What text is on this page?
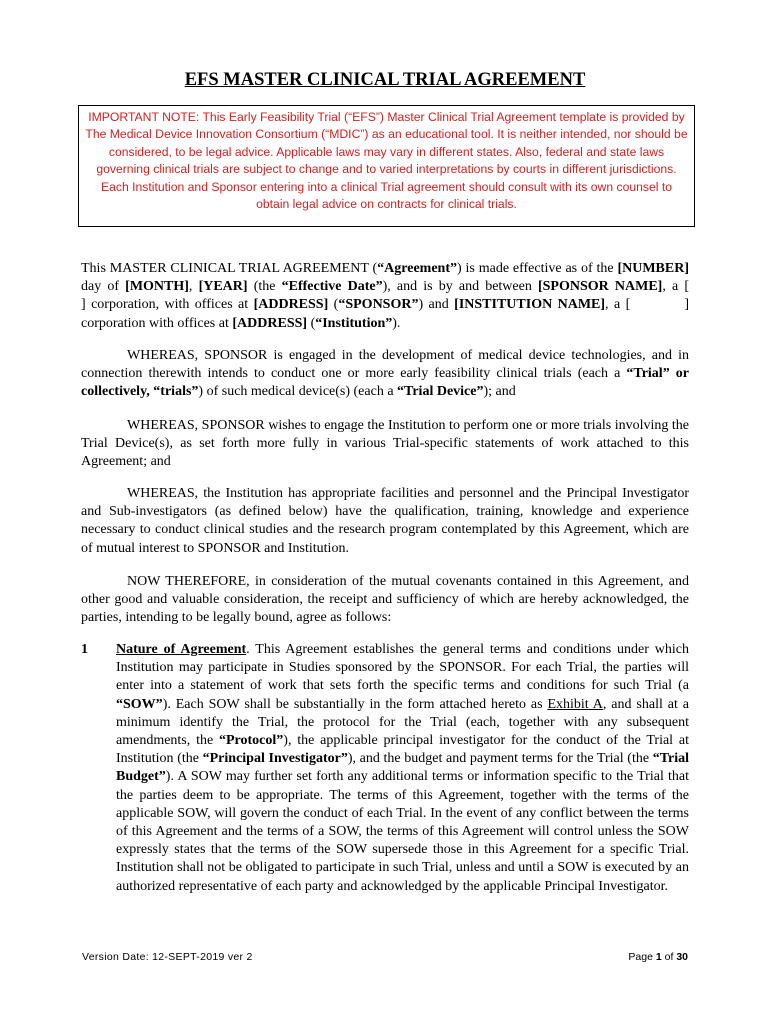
EFS MASTER CLINICAL TRIAL AGREEMENT
IMPORTANT NOTE: This Early Feasibility Trial (“EFS”) Master Clinical Trial Agreement template is provided by The Medical Device Innovation Consortium (“MDIC”) as an educational tool. It is neither intended, nor should be considered, to be legal advice. Applicable laws may vary in different states. Also, federal and state laws governing clinical trials are subject to change and to varied interpretations by courts in different jurisdictions. Each Institution and Sponsor entering into a clinical Trial agreement should consult with its own counsel to obtain legal advice on contracts for clinical trials.

This MASTER CLINICAL TRIAL AGREEMENT (“Agreement”) is made effective as of the [NUMBER] day of [MONTH], [YEAR] (the “Effective Date”), and is by and between [SPONSOR NAME], a [          ] corporation, with offices at [ADDRESS] (“SPONSOR”) and [INSTITUTION NAME], a [          ] corporation with offices at [ADDRESS] (“Institution”).

WHEREAS, SPONSOR is engaged in the development of medical device technologies, and in connection therewith intends to conduct one or more early feasibility clinical trials (each a “Trial” or collectively, “trials”) of such medical device(s) (each a “Trial Device”); and

WHEREAS, SPONSOR wishes to engage the Institution to perform one or more trials involving the Trial Device(s), as set forth more fully in various Trial-specific statements of work attached to this Agreement; and

WHEREAS, the Institution has appropriate facilities and personnel and the Principal Investigator and Sub-investigators (as defined below) have the qualification, training, knowledge and experience necessary to conduct clinical studies and the research program contemplated by this Agreement, which are of mutual interest to SPONSOR and Institution.

NOW THEREFORE, in consideration of the mutual covenants contained in this Agreement, and other good and valuable consideration, the receipt and sufficiency of which are hereby acknowledged, the parties, intending to be legally bound, agree as follows:

1 Nature of Agreement. This Agreement establishes the general terms and conditions under which Institution may participate in Studies sponsored by the SPONSOR. For each Trial, the parties will enter into a statement of work that sets forth the specific terms and conditions for such Trial (a “SOW”). Each SOW shall be substantially in the form attached hereto as Exhibit A, and shall at a minimum identify the Trial, the protocol for the Trial (each, together with any subsequent amendments, the “Protocol”), the applicable principal investigator for the conduct of the Trial at Institution (the “Principal Investigator”), and the budget and payment terms for the Trial (the “Trial Budget”). A SOW may further set forth any additional terms or information specific to the Trial that the parties deem to be appropriate. The terms of this Agreement, together with the terms of the applicable SOW, will govern the conduct of each Trial. In the event of any conflict between the terms of this Agreement and the terms of a SOW, the terms of this Agreement will control unless the SOW expressly states that the terms of the SOW supersede those in this Agreement for a specific Trial. Institution shall not be obligated to participate in such Trial, unless and until a SOW is executed by an authorized representative of each party and acknowledged by the applicable Principal Investigator.

Version Date: 12-SEPT-2019 ver 2	Page 1 of 30
